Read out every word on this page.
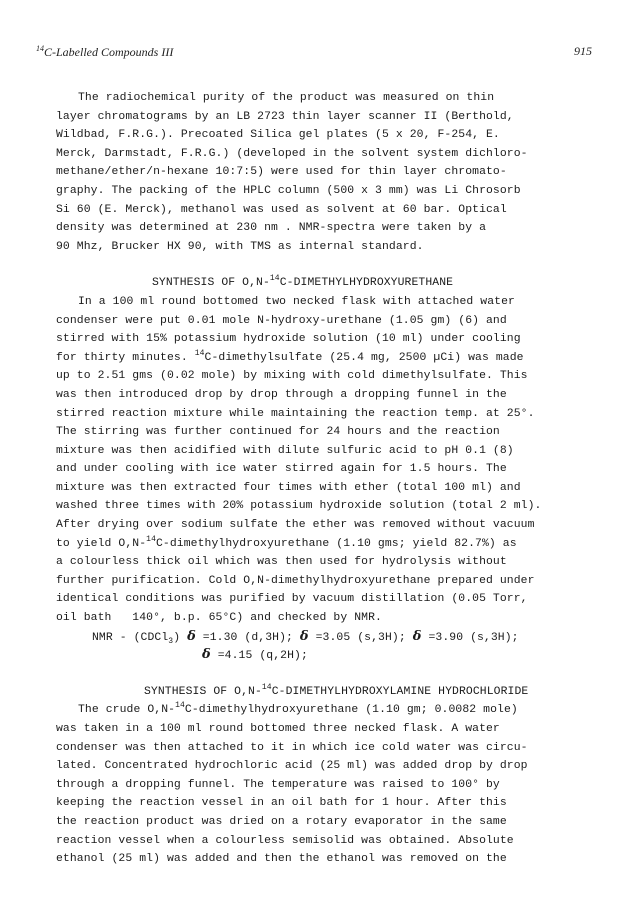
$^{14}$C-Labelled Compounds III	915
The radiochemical purity of the product was measured on thin
layer chromatograms by an LB 2723 thin layer scanner II (Berthold,
Wildbad, F.R.G.). Precoated Silica gel plates (5 x 20, F-254, E.
Merck, Darmstadt, F.R.G.) (developed in the solvent system dichloro-
methane/ether/n-hexane 10:7:5) were used for thin layer chromato-
graphy. The packing of the HPLC column (500 x 3 mm) was Li Chrosorb
Si 60 (E. Merck), methanol was used as solvent at 60 bar. Optical
density was determined at 230 nm . NMR-spectra were taken by a
90 Mhz, Brucker HX 90, with TMS as internal standard.
SYNTHESIS OF O,N-$^{14}$C-DIMETHYLHYDROXYURETHANE
In a 100 ml round bottomed two necked flask with attached water
condenser were put 0.01 mole N-hydroxy-urethane (1.05 gm) (6) and
stirred with 15% potassium hydroxide solution (10 ml) under cooling
for thirty minutes. $^{14}$C-dimethylsulfate (25.4 mg, 2500 µCi) was made
up to 2.51 gms (0.02 mole) by mixing with cold dimethylsulfate. This
was then introduced drop by drop through a dropping funnel in the
stirred reaction mixture while maintaining the reaction temp. at 25°.
The stirring was further continued for 24 hours and the reaction
mixture was then acidified with dilute sulfuric acid to pH 0.1 (8)
and under cooling with ice water stirred again for 1.5 hours. The
mixture was then extracted four times with ether (total 100 ml) and
washed three times with 20% potassium hydroxide solution (total 2 ml).
After drying over sodium sulfate the ether was removed without vacuum
to yield O,N-$^{14}$C-dimethylhydroxyurethane (1.10 gms; yield 82.7%) as
a colourless thick oil which was then used for hydrolysis without
further purification. Cold O,N-dimethylhydroxyurethane prepared under
identical conditions was purified by vacuum distillation (0.05 Torr,
oil bath   140°, b.p. 65°C) and checked by NMR.
NMR - (CDCl$_3$) δ =1.30 (d,3H); δ =3.05 (s,3H); δ =3.90 (s,3H);
δ =4.15 (q,2H);
SYNTHESIS OF O,N-$^{14}$C-DIMETHYLHYDROXYLAMINE HYDROCHLORIDE
The crude O,N-$^{14}$C-dimethylhydroxyurethane (1.10 gm; 0.0082 mole)
was taken in a 100 ml round bottomed three necked flask. A water
condenser was then attached to it in which ice cold water was circu-
lated. Concentrated hydrochloric acid (25 ml) was added drop by drop
through a dropping funnel. The temperature was raised to 100° by
keeping the reaction vessel in an oil bath for 1 hour. After this
the reaction product was dried on a rotary evaporator in the same
reaction vessel when a colourless semisolid was obtained. Absolute
ethanol (25 ml) was added and then the ethanol was removed on the
